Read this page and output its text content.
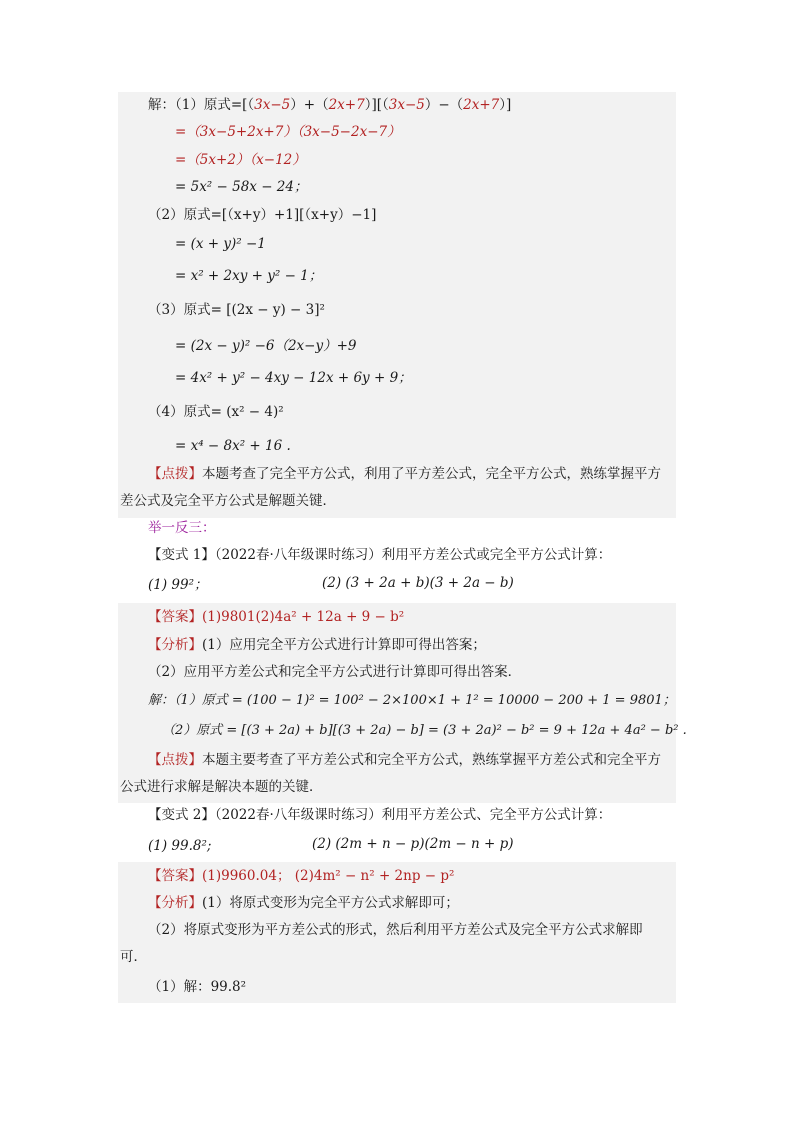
解：（1）原式=[（3x−5）+（2x+7）][（3x−5）−（2x+7）]
=（3x−5+2x+7）（3x−5−2x−7）
=（5x+2）（x−12）
= 5x² − 58x − 24；
（2）原式=[（x+y）+1][（x+y）−1]
= (x + y)² −1
= x² + 2xy + y² − 1；
（3）原式= [(2x − y) − 3]²
= (2x − y)² −6（2x−y）+9
= 4x² + y² − 4xy − 12x + 6y + 9；
（4）原式= (x² − 4)²
= x⁴ − 8x² + 16 .
【点拨】本题考查了完全平方公式，利用了平方差公式，完全平方公式，熟练掌握平方
差公式及完全平方公式是解题关键．
举一反三：
【变式 1】（2022春·八年级课时练习）利用平方差公式或完全平方公式计算：
(1) 99²；	(2) (3 + 2a + b)(3 + 2a − b)
【答案】(1)9801(2)4a² + 12a + 9 − b²
【分析】(1）应用完全平方公式进行计算即可得出答案；
（2）应用平方差公式和完全平方公式进行计算即可得出答案．
解：（1）原式 = (100 − 1)² = 100² − 2×100×1 + 1² = 10000 − 200 + 1 = 9801；
（2）原式 = [(3 + 2a) + b][(3 + 2a) − b] = (3 + 2a)² − b² = 9 + 12a + 4a² − b² .
【点拨】本题主要考查了平方差公式和完全平方公式，熟练掌握平方差公式和完全平方
公式进行求解是解决本题的关键．
【变式 2】（2022春·八年级课时练习）利用平方差公式、完全平方公式计算：
(1) 99.8²;	(2) (2m + n − p)(2m − n + p)
【答案】(1)9960.04； (2)4m² − n² + 2np − p²
【分析】(1）将原式变形为完全平方公式求解即可；
（2）将原式变形为平方差公式的形式，然后利用平方差公式及完全平方公式求解即
可．
（1）解：99.8²
